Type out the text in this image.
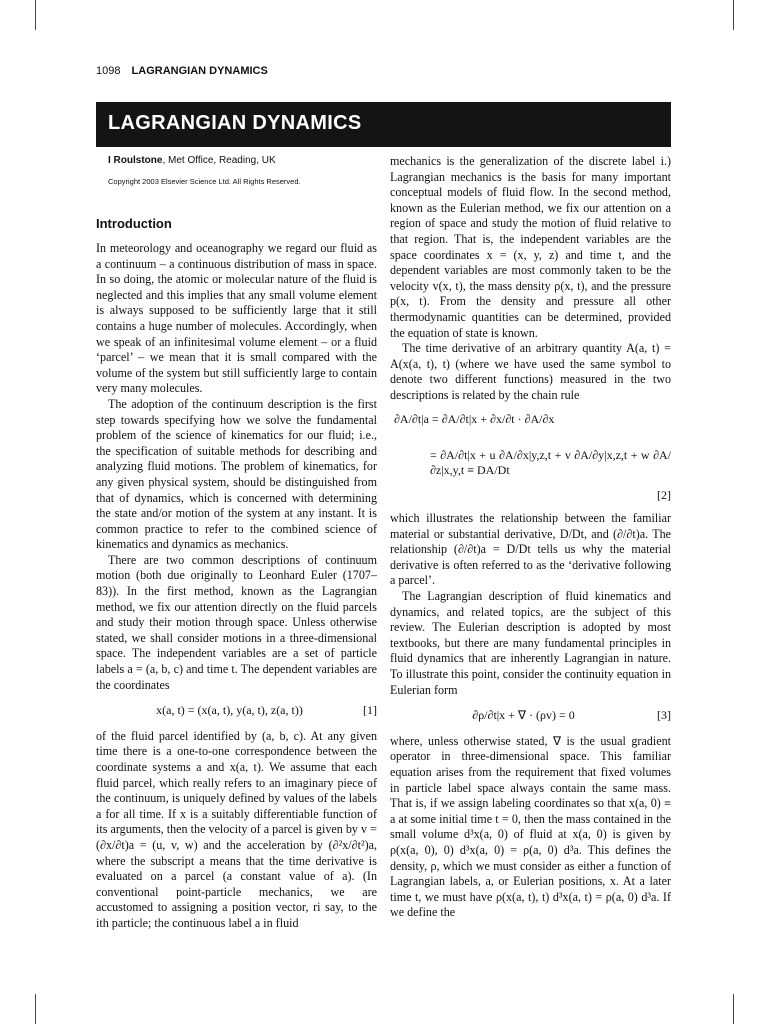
1098 LAGRANGIAN DYNAMICS
LAGRANGIAN DYNAMICS
I Roulstone, Met Office, Reading, UK
Copyright 2003 Elsevier Science Ltd. All Rights Reserved.
Introduction

In meteorology and oceanography we regard our fluid as a continuum – a continuous distribution of mass in space. In so doing, the atomic or molecular nature of the fluid is neglected and this implies that any small volume element is always supposed to be sufficiently large that it still contains a huge number of molecules. Accordingly, when we speak of an infinitesimal volume element – or a fluid ‘parcel’ – we mean that it is small compared with the volume of the system but still sufficiently large to contain very many molecules.

The adoption of the continuum description is the first step towards specifying how we solve the fundamental problem of the science of kinematics for our fluid; i.e., the specification of suitable methods for describing and analyzing fluid motions. The problem of kinematics, for any given physical system, should be distinguished from that of dynamics, which is concerned with determining the state and/or motion of the system at any instant. It is common practice to refer to the combined science of kinematics and dynamics as mechanics.

There are two common descriptions of continuum motion (both due originally to Leonhard Euler (1707–83)). In the first method, known as the Lagrangian method, we fix our attention directly on the fluid parcels and study their motion through space. Unless otherwise stated, we shall consider motions in a three-dimensional space. The independent variables are a set of particle labels a = (a, b, c) and time t. The dependent variables are the coordinates

x(a, t) = (x(a, t), y(a, t), z(a, t))	[1]

of the fluid parcel identified by (a, b, c). At any given time there is a one-to-one correspondence between the coordinate systems a and x(a, t). We assume that each fluid parcel, which really refers to an imaginary piece of the continuum, is uniquely defined by values of the labels a for all time. If x is a suitably differentiable function of its arguments, then the velocity of a parcel is given by v = (∂x/∂t)a = (u, v, w) and the acceleration by (∂²x/∂t²)a, where the subscript a means that the time derivative is evaluated on a parcel (a constant value of a). (In conventional point-particle mechanics, we are accustomed to assigning a position vector, ri say, to the ith particle; the continuous label a in fluid

mechanics is the generalization of the discrete label i.) Lagrangian mechanics is the basis for many important conceptual models of fluid flow. In the second method, known as the Eulerian method, we fix our attention on a region of space and study the motion of fluid relative to that region. That is, the independent variables are the space coordinates x = (x, y, z) and time t, and the dependent variables are most commonly taken to be the velocity v(x, t), the mass density ρ(x, t), and the pressure p(x, t). From the density and pressure all other thermodynamic quantities can be determined, provided the equation of state is known.

The time derivative of an arbitrary quantity A(a, t) = A(x(a, t), t) (where we have used the same symbol to denote two different functions) measured in the two descriptions is related by the chain rule

∂A/∂t|a = ∂A/∂t|x + ∂x/∂t · ∂A/∂x
= ∂A/∂t|x + u ∂A/∂x|y,z,t + v ∂A/∂y|x,z,t + w ∂A/∂z|x,y,t ≡ DA/Dt
[2]

which illustrates the relationship between the familiar material or substantial derivative, D/Dt, and (∂/∂t)a. The relationship (∂/∂t)a = D/Dt tells us why the material derivative is often referred to as the ‘derivative following a parcel’.

The Lagrangian description of fluid kinematics and dynamics, and related topics, are the subject of this review. The Eulerian description is adopted by most textbooks, but there are many fundamental principles in fluid dynamics that are inherently Lagrangian in nature. To illustrate this point, consider the continuity equation in Eulerian form

∂ρ/∂t|x + ∇ · (ρv) = 0	[3]

where, unless otherwise stated, ∇ is the usual gradient operator in three-dimensional space. This familiar equation arises from the requirement that fixed volumes in particle label space always contain the same mass. That is, if we assign labeling coordinates so that x(a, 0) ≡ a at some initial time t = 0, then the mass contained in the small volume d³x(a, 0) of fluid at x(a, 0) is given by ρ(x(a, 0), 0) d³x(a, 0) = ρ(a, 0) d³a. This defines the density, ρ, which we must consider as either a function of Lagrangian labels, a, or Eulerian positions, x. At a later time t, we must have ρ(x(a, t), t) d³x(a, t) = ρ(a, 0) d³a. If we define the
